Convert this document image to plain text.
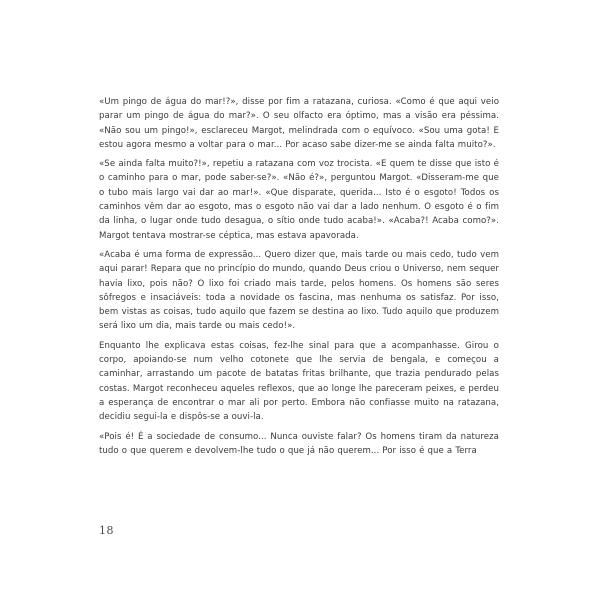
«Um pingo de água do mar!?», disse por fim a ratazana, curiosa. «Como é que aqui veio parar um pingo de água do mar?». O seu olfacto era óptimo, mas a visão era péssima. «Não sou um pingo!», esclareceu Margot, melindrada com o equívoco. «Sou uma gota! E estou agora mesmo a voltar para o mar... Por acaso sabe dizer-me se ainda falta muito?».

«Se ainda falta muito?!», repetiu a ratazana com voz trocista. «E quem te disse que isto é o caminho para o mar, pode saber-se?». «Não é?», perguntou Margot. «Disseram-me que o tubo mais largo vai dar ao mar!». «Que disparate, querida... Isto é o esgoto! Todos os caminhos vêm dar ao esgoto, mas o esgoto não vai dar a lado nenhum. O esgoto é o fim da linha, o lugar onde tudo desagua, o sítio onde tudo acaba!». «Acaba?! Acaba como?». Margot tentava mostrar-se céptica, mas estava apavorada.

«Acaba é uma forma de expressão... Quero dizer que, mais tarde ou mais cedo, tudo vem aqui parar! Repara que no princípio do mundo, quando Deus criou o Universo, nem sequer havia lixo, pois não? O lixo foi criado mais tarde, pelos homens. Os homens são seres sôfregos e insaciáveis: toda a novidade os fascina, mas nenhuma os satisfaz. Por isso, bem vistas as coisas, tudo aquilo que fazem se destina ao lixo. Tudo aquilo que produzem será lixo um dia, mais tarde ou mais cedo!».

Enquanto lhe explicava estas coisas, fez-lhe sinal para que a acompanhasse. Girou o corpo, apoiando-se num velho cotonete que lhe servia de bengala, e começou a caminhar, arrastando um pacote de batatas fritas brilhante, que trazia pendurado pelas costas. Margot reconheceu aqueles reflexos, que ao longe lhe pareceram peixes, e perdeu a esperança de encontrar o mar ali por perto. Embora não confiasse muito na ratazana, decidiu segui-la e dispôs-se a ouvi-la.

«Pois é! É a sociedade de consumo... Nunca ouviste falar? Os homens tiram da natureza tudo o que querem e devolvem-lhe tudo o que já não querem... Por isso é que a Terra

18
